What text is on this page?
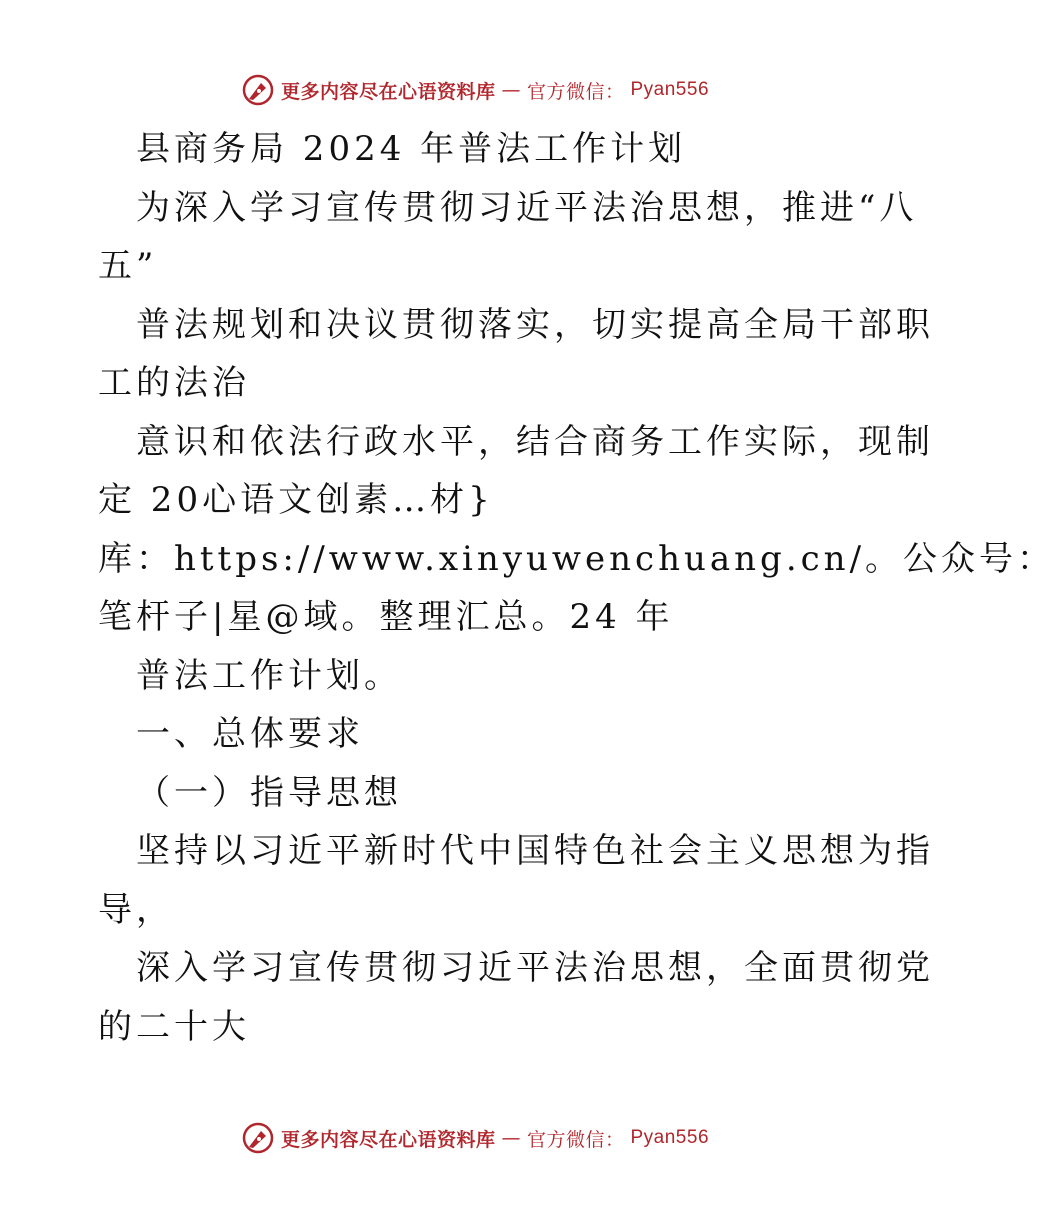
更多内容尽在心语资料库 — 官方微信： Pyan556
县商务局 2024 年普法工作计划
为深入学习宣传贯彻习近平法治思想，推进“八
五”
普法规划和决议贯彻落实，切实提高全局干部职
工的法治
意识和依法行政水平，结合商务工作实际，现制
定 20心语文创素…材}
库：https://www.xinyuwenchuang.cn/。公众号：
笔杆子|星@域。整理汇总。24 年
普法工作计划。
一、总体要求
（一）指导思想
坚持以习近平新时代中国特色社会主义思想为指
导，
深入学习宣传贯彻习近平法治思想，全面贯彻党
的二十大
更多内容尽在心语资料库 — 官方微信： Pyan556
